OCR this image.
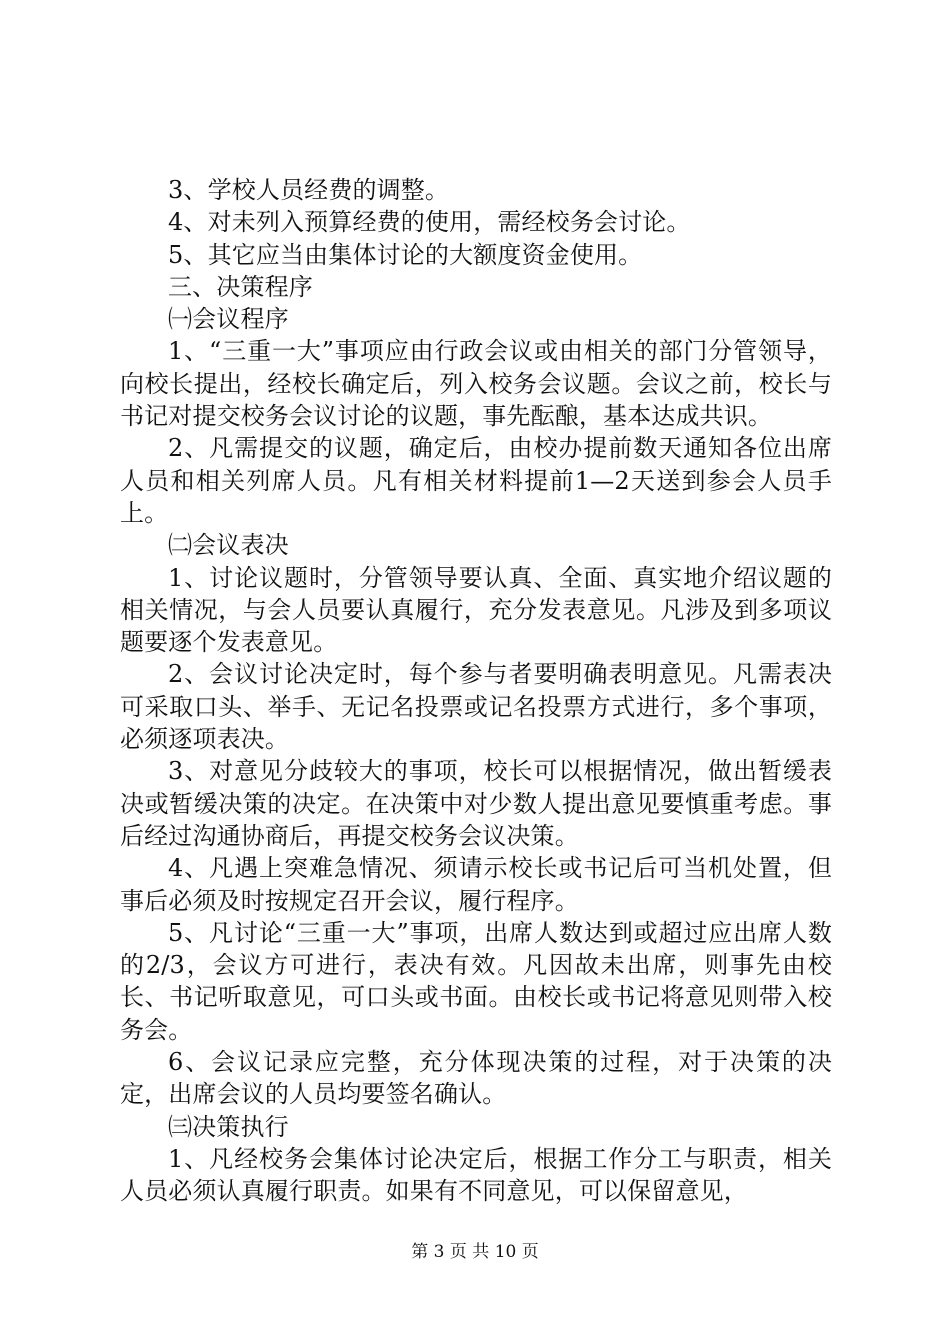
3、学校人员经费的调整。

4、对未列入预算经费的使用，需经校务会讨论。

5、其它应当由集体讨论的大额度资金使用。

三、决策程序

㈠会议程序

1、“三重一大”事项应由行政会议或由相关的部门分管领导，向校长提出，经校长确定后，列入校务会议题。会议之前，校长与书记对提交校务会议讨论的议题，事先酝酿，基本达成共识。

2、凡需提交的议题，确定后，由校办提前数天通知各位出席人员和相关列席人员。凡有相关材料提前1—2天送到参会人员手上。

㈡会议表决

1、讨论议题时，分管领导要认真、全面、真实地介绍议题的相关情况，与会人员要认真履行，充分发表意见。凡涉及到多项议题要逐个发表意见。

2、会议讨论决定时，每个参与者要明确表明意见。凡需表决可采取口头、举手、无记名投票或记名投票方式进行，多个事项，必须逐项表决。

3、对意见分歧较大的事项，校长可以根据情况，做出暂缓表决或暂缓决策的决定。在决策中对少数人提出意见要慎重考虑。事后经过沟通协商后，再提交校务会议决策。

4、凡遇上突难急情况、须请示校长或书记后可当机处置，但事后必须及时按规定召开会议，履行程序。

5、凡讨论“三重一大”事项，出席人数达到或超过应出席人数的2/3，会议方可进行，表决有效。凡因故未出席，则事先由校长、书记听取意见，可口头或书面。由校长或书记将意见则带入校务会。

6、会议记录应完整，充分体现决策的过程，对于决策的决定，出席会议的人员均要签名确认。

㈢决策执行

1、凡经校务会集体讨论决定后，根据工作分工与职责，相关人员必须认真履行职责。如果有不同意见，可以保留意见，

第 3 页 共 10 页
